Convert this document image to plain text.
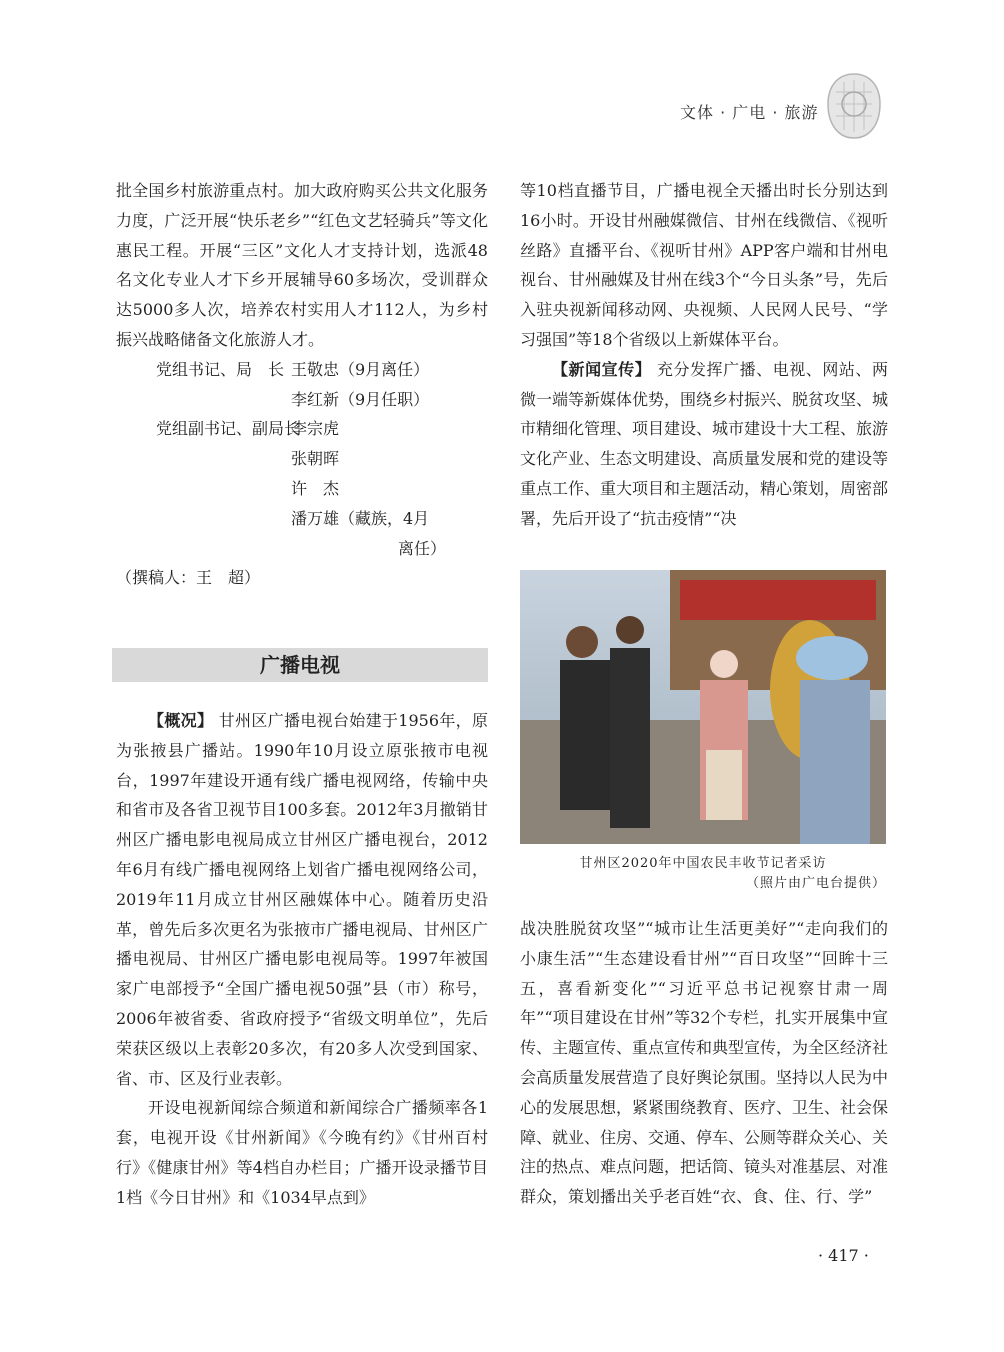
文体 · 广电 · 旅游

批全国乡村旅游重点村。加大政府购买公共文化服务力度，广泛开展“快乐老乡”“红色文艺轻骑兵”等文化惠民工程。开展“三区”文化人才支持计划，选派48名文化专业人才下乡开展辅导60多场次，受训群众达5000多人次，培养农村实用人才112人，为乡村振兴战略储备文化旅游人才。

党组书记、局　长 王敬忠（9月离任）
李红新（9月任职）
党组副书记、副局长
李宗虎
张朝晖
许　杰
潘万雄（藏族，4月
离任）
（撰稿人：王　超）
广播电视

【概况】 甘州区广播电视台始建于1956年，原为张掖县广播站。1990年10月设立原张掖市电视台，1997年建设开通有线广播电视网络，传输中央和省市及各省卫视节目100多套。2012年3月撤销甘州区广播电影电视局成立甘州区广播电视台，2012年6月有线广播电视网络上划省广播电视网络公司，2019年11月成立甘州区融媒体中心。随着历史沿革，曾先后多次更名为张掖市广播电视局、甘州区广播电视局、甘州区广播电影电视局等。1997年被国家广电部授予“全国广播电视50强”县（市）称号，2006年被省委、省政府授予“省级文明单位”，先后荣获区级以上表彰20多次，有20多人次受到国家、省、市、区及行业表彰。

开设电视新闻综合频道和新闻综合广播频率各1套，电视开设《甘州新闻》《今晚有约》《甘州百村行》《健康甘州》等4档自办栏目；广播开设录播节目1档《今日甘州》和《1034早点到》

等10档直播节目，广播电视全天播出时长分别达到16小时。开设甘州融媒微信、甘州在线微信、《视听丝路》直播平台、《视听甘州》APP客户端和甘州电视台、甘州融媒及甘州在线3个“今日头条”号，先后入驻央视新闻移动网、央视频、人民网人民号、“学习强国”等18个省级以上新媒体平台。

【新闻宣传】 充分发挥广播、电视、网站、两微一端等新媒体优势，围绕乡村振兴、脱贫攻坚、城市精细化管理、项目建设、城市建设十大工程、旅游文化产业、生态文明建设、高质量发展和党的建设等重点工作、重大项目和主题活动，精心策划，周密部署，先后开设了“抗击疫情”“决

甘州区2020年中国农民丰收节记者采访
（照片由广电台提供）

战决胜脱贫攻坚”“城市让生活更美好”“走向我们的小康生活”“生态建设看甘州”“百日攻坚”“回眸十三五，喜看新变化”“习近平总书记视察甘肃一周年”“项目建设在甘州”等32个专栏，扎实开展集中宣传、主题宣传、重点宣传和典型宣传，为全区经济社会高质量发展营造了良好舆论氛围。坚持以人民为中心的发展思想，紧紧围绕教育、医疗、卫生、社会保障、就业、住房、交通、停车、公厕等群众关心、关注的热点、难点问题，把话筒、镜头对准基层、对准群众，策划播出关乎老百姓“衣、食、住、行、学”

· 417 ·
